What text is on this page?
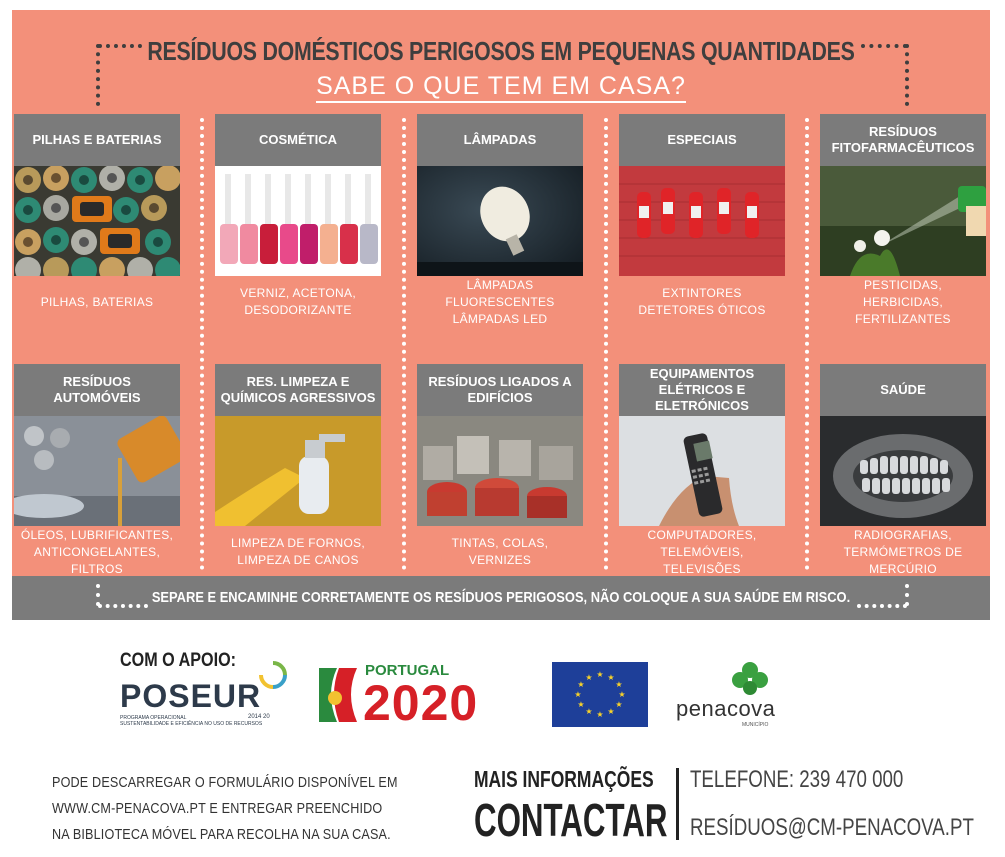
RESÍDUOS DOMÉSTICOS PERIGOSOS EM PEQUENAS QUANTIDADES
SABE O QUE TEM EM CASA?
PILHAS E BATERIAS
PILHAS, BATERIAS
COSMÉTICA
VERNIZ, ACETONA, DESODORIZANTE
LÂMPADAS
LÂMPADAS FLUORESCENTES LÂMPADAS LED
ESPECIAIS
EXTINTORES DETETORES ÓTICOS
RESÍDUOS FITOFARMACÊUTICOS
PESTICIDAS, HERBICIDAS, FERTILIZANTES
RESÍDUOS AUTOMÓVEIS
ÓLEOS, LUBRIFICANTES, ANTICONGELANTES, FILTROS
RES. LIMPEZA E QUÍMICOS AGRESSIVOS
LIMPEZA DE FORNOS, LIMPEZA DE CANOS
RESÍDUOS LIGADOS A EDIFÍCIOS
TINTAS, COLAS, VERNIZES
EQUIPAMENTOS ELÉTRICOS E ELETRÓNICOS
COMPUTADORES, TELEMÓVEIS, TELEVISÕES
SAÚDE
RADIOGRAFIAS, TERMÓMETROS DE MERCÚRIO
SEPARE E ENCAMINHE CORRETAMENTE OS RESÍDUOS PERIGOSOS, NÃO COLOQUE A SUA SAÚDE EM RISCO.
COM O APOIO:
POSEUR
PROGRAMA OPERACIONAL
SUSTENTABILIDADE E EFICIÊNCIA NO USO DE RECURSOS
2014 20
PORTUGAL
2020
★ ★
★
★
★
★
★
★
★
★
★
★
penacova
MUNICÍPIO
PODE DESCARREGAR O FORMULÁRIO DISPONÍVEL EM
WWW.CM-PENACOVA.PT E ENTREGAR PREENCHIDO
NA BIBLIOTECA MÓVEL PARA RECOLHA NA SUA CASA.
MAIS INFORMAÇÕES
CONTACTAR
TELEFONE: 239 470 000
RESÍDUOS@CM-PENACOVA.PT
